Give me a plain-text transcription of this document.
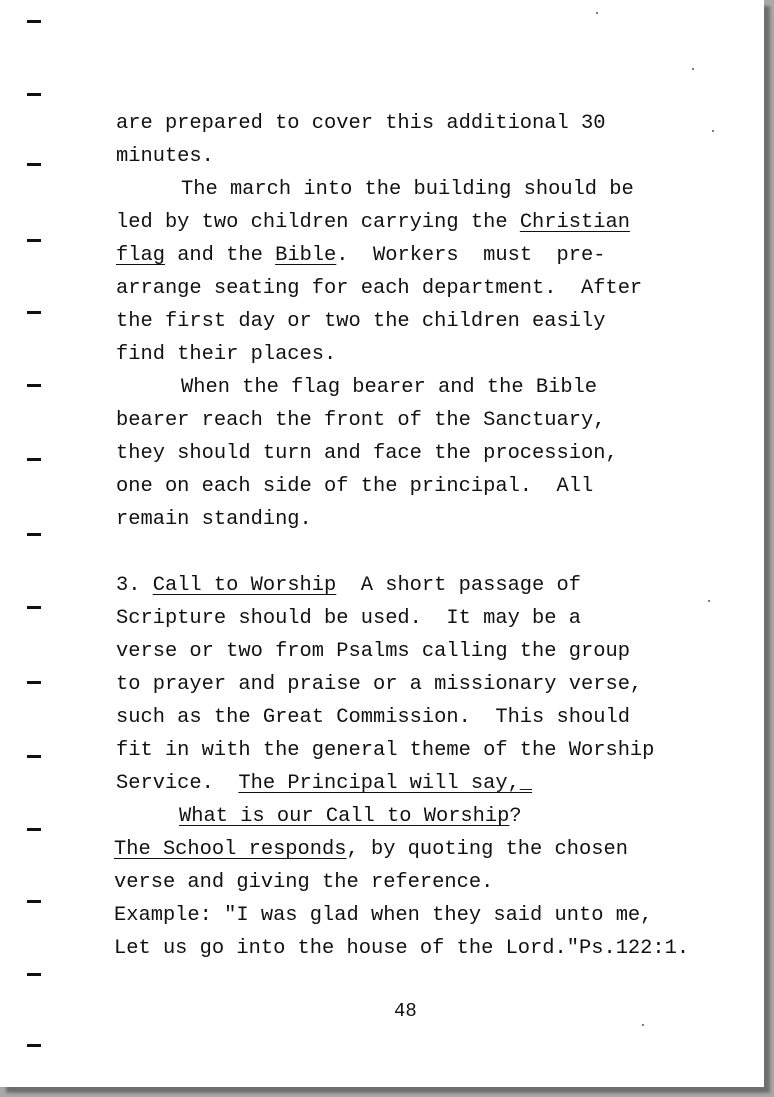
are prepared to cover this additional 30
minutes.
The march into the building should be
led by two children carrying the Christian
flag and the Bible.  Workers  must  pre-
arrange seating for each department.  After
the first day or two the children easily
find their places.
When the flag bearer and the Bible
bearer reach the front of the Sanctuary,
they should turn and face the procession,
one on each side of the principal.  All
remain standing.
3. Call to Worship  A short passage of
Scripture should be used.  It may be a
verse or two from Psalms calling the group
to prayer and praise or a missionary verse,
such as the Great Commission.  This should
fit in with the general theme of the Worship
Service.  The Principal will say,_
What is our Call to Worship?
The School responds, by quoting the chosen
verse and giving the reference.
Example: "I was glad when they said unto me,
Let us go into the house of the Lord."Ps.122:1.
48
